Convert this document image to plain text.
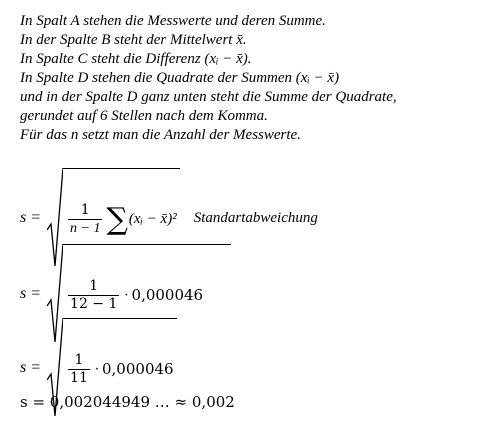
In Spalt A stehen die Messwerte und deren Summe.
In der Spalte B steht der Mittelwert x̄.
In Spalte C steht die Differenz (xᵢ − x̄).
In Spalte D stehen die Quadrate der Summen (xᵢ − x̄)
und in der Spalte D ganz unten steht die Summe der Quadrate,
gerundet auf 6 Stellen nach dem Komma.
Für das n setzt man die Anzahl der Messwerte.
$s = \frac{1}{n - 1}$ ∑ (xᵢ − x̄)² Standartabweichung
$s = \frac{1}{12 - 1} \cdot 0,000046$
$s = \frac{1}{11} \cdot 0,000046$
s = 0,002044949 … ≈ 0,002
